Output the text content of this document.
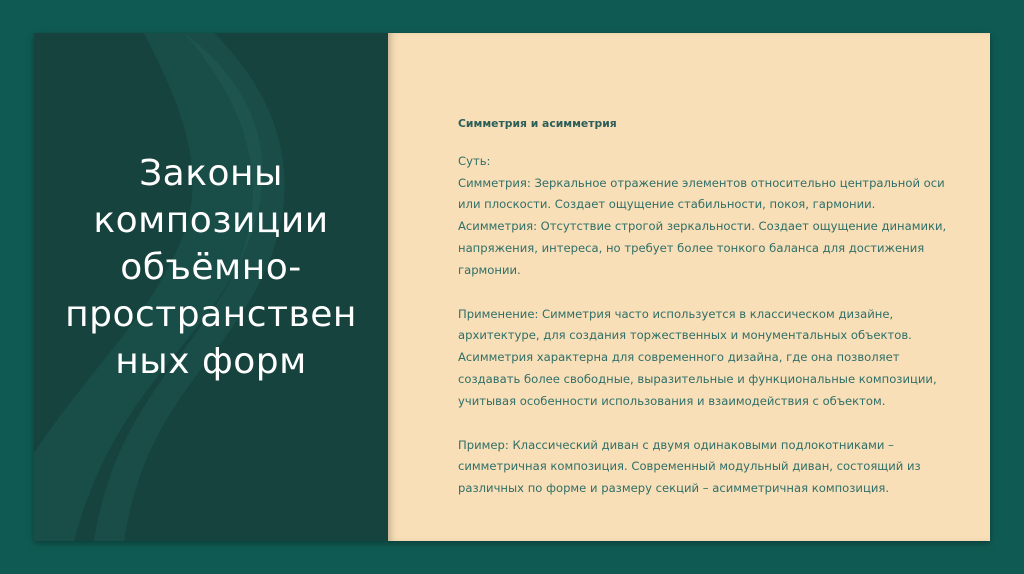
Законы
композиции
объёмно-
пространствен
ных форм
Симметрия и асимметрия

Суть:

Симметрия: Зеркальное отражение элементов относительно центральной оси или плоскости. Создает ощущение стабильности, покоя, гармонии.

Асимметрия: Отсутствие строгой зеркальности. Создает ощущение динамики, напряжения, интереса, но требует более тонкого баланса для достижения гармонии.

Применение: Симметрия часто используется в классическом дизайне, архитектуре, для создания торжественных и монументальных объектов.

Асимметрия характерна для современного дизайна, где она позволяет создавать более свободные, выразительные и функциональные композиции, учитывая особенности использования и взаимодействия с объектом.

Пример: Классический диван с двумя одинаковыми подлокотниками – симметричная композиция. Современный модульный диван, состоящий из различных по форме и размеру секций – асимметричная композиция.
